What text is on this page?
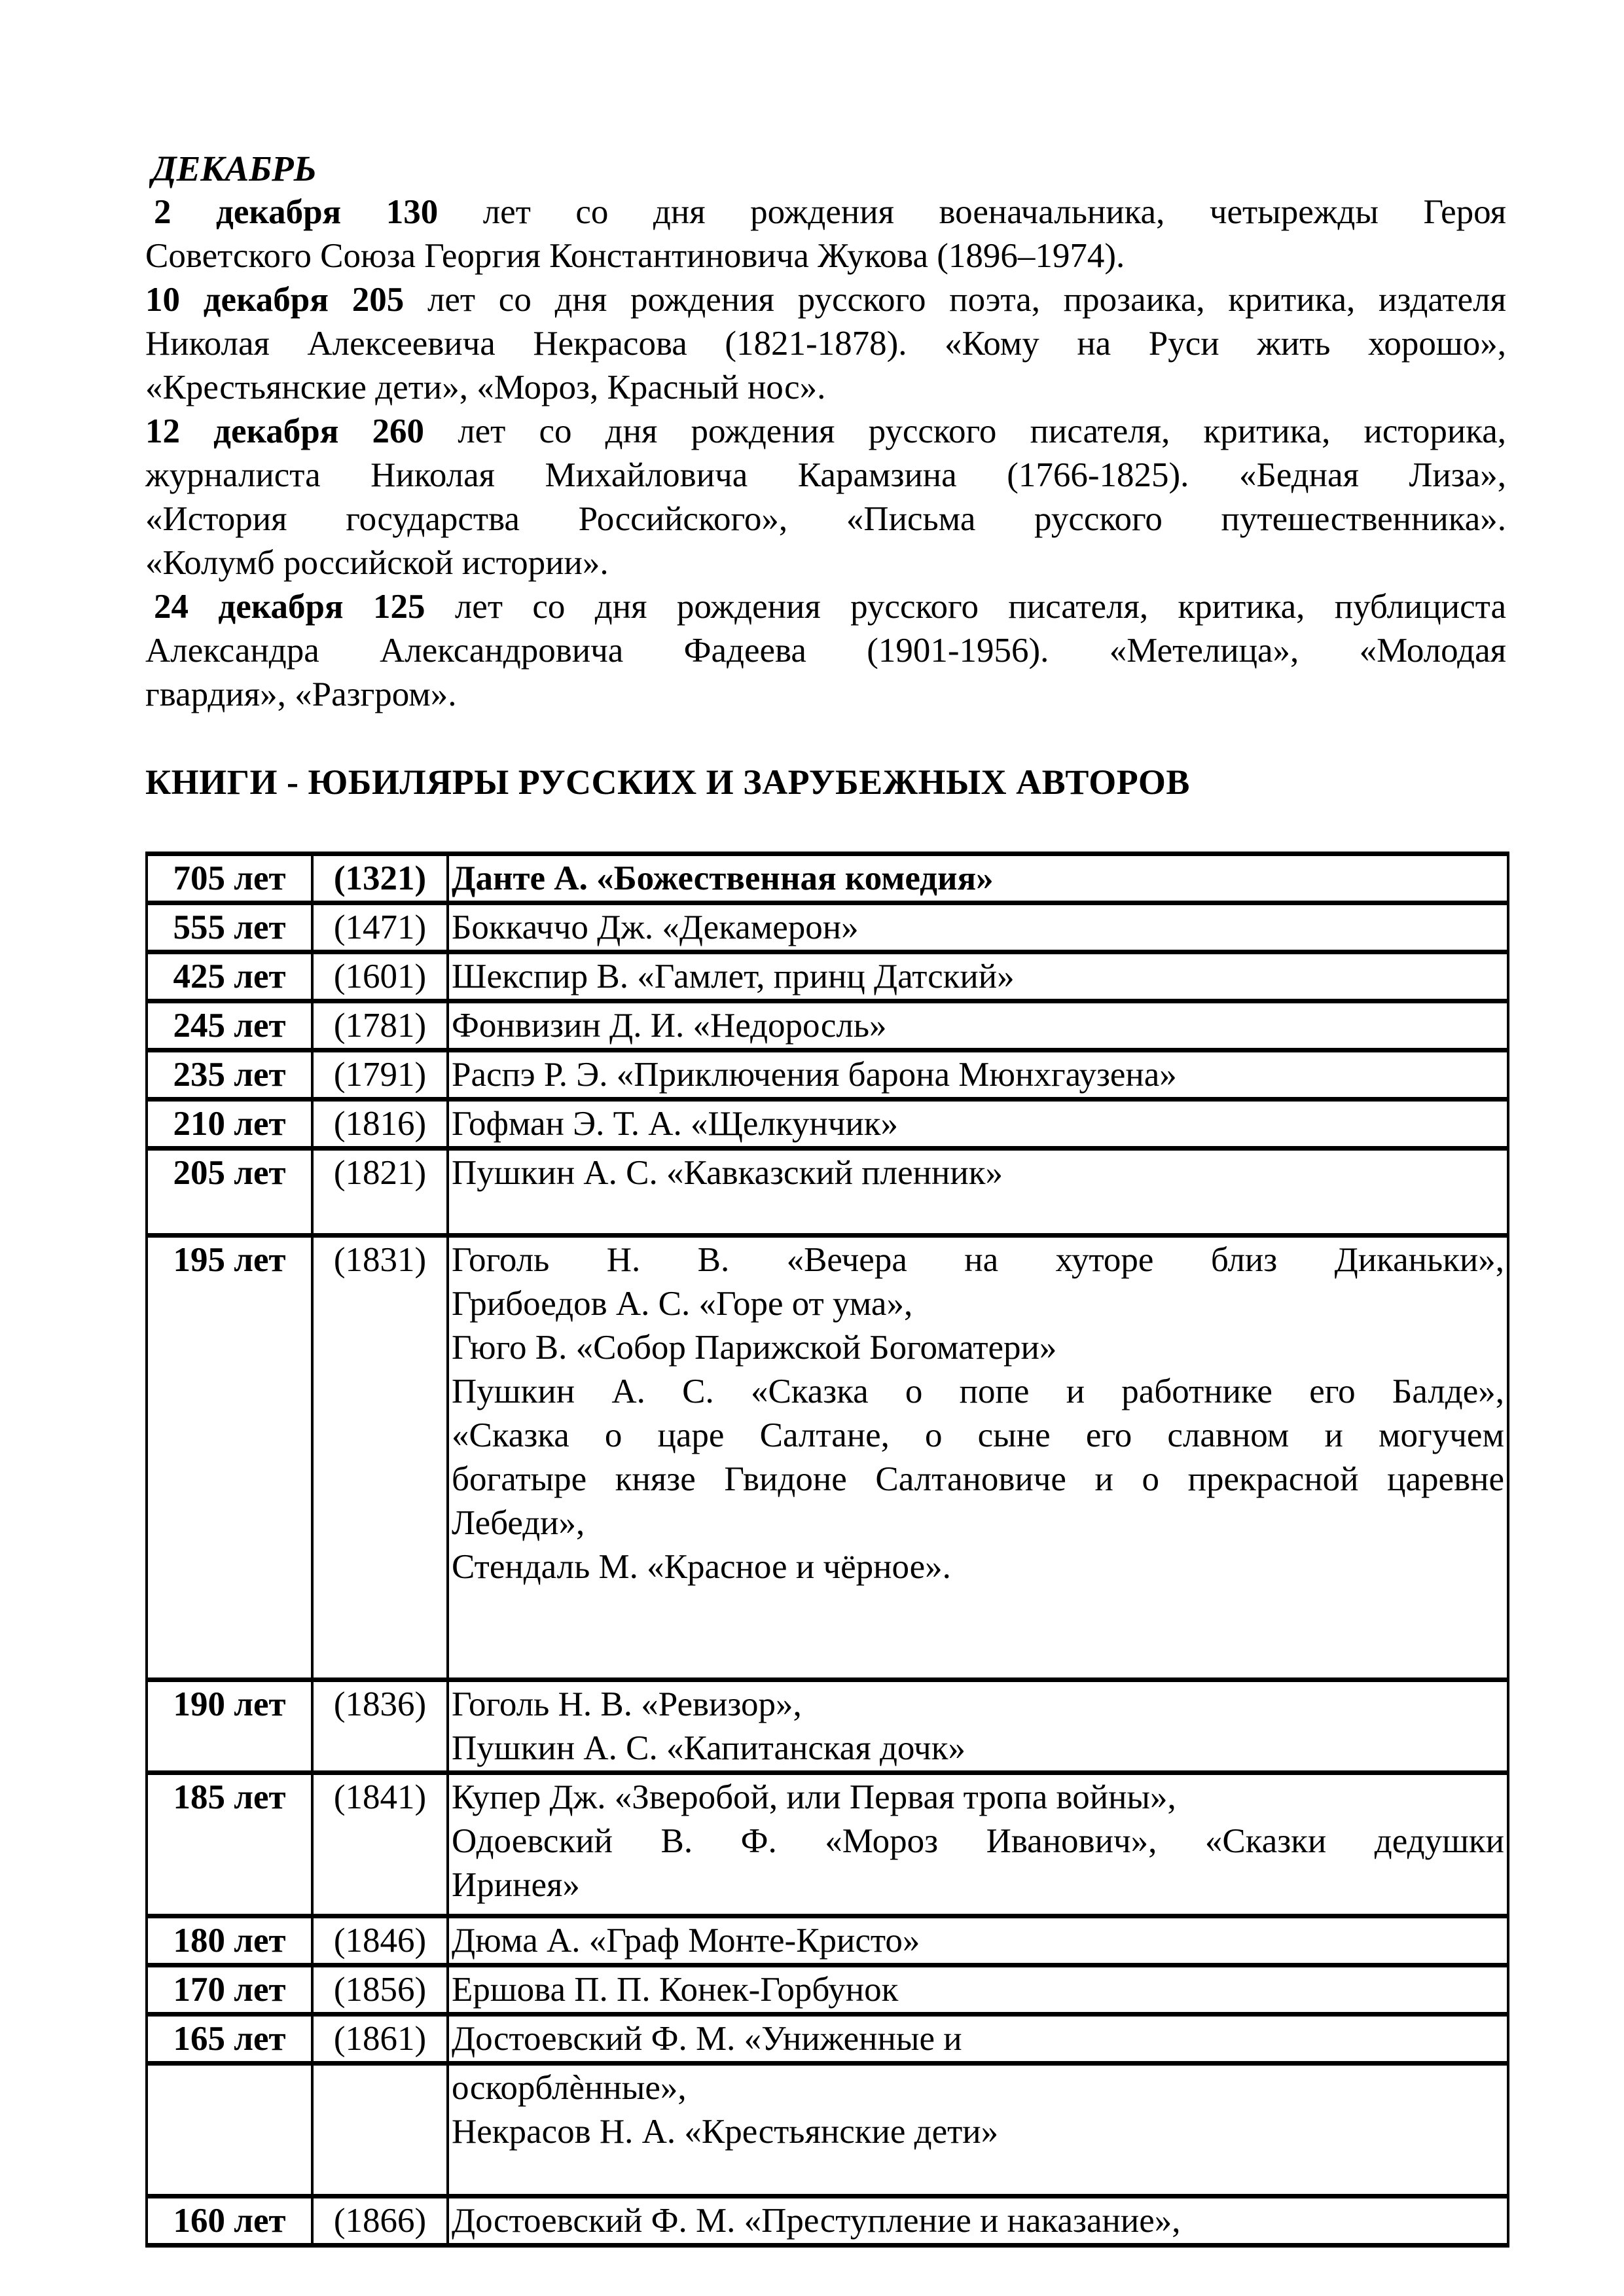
ДЕКАБРЬ

2 декабря 130 лет со дня рождения военачальника, четырежды Героя
Советского Союза Георгия Константиновича Жукова (1896–1974).

10 декабря 205 лет со дня рождения русского поэта, прозаика, критика, издателя
Николая Алексеевича Некрасова (1821-1878). «Кому на Руси жить хорошо»,
«Крестьянские дети», «Мороз, Красный нос».

12 декабря 260 лет со дня рождения русского писателя, критика, историка,
журналиста Николая Михайловича Карамзина (1766-1825). «Бедная Лиза»,
«История государства Российского», «Письма русского путешественника».
«Колумб российской истории».

24 декабря 125 лет со дня рождения русского писателя, критика, публициста
Александра Александровича Фадеева (1901-1956). «Метелица», «Молодая
гвардия», «Разгром».

КНИГИ - ЮБИЛЯРЫ РУССКИХ И ЗАРУБЕЖНЫХ АВТОРОВ
705 лет	(1321)	Данте А. «Божественная комедия»

555 лет	(1471)	Боккаччо Дж. «Декамерон»

425 лет	(1601)	Шекспир В. «Гамлет, принц Датский»

245 лет	(1781)	Фонвизин Д. И. «Недоросль»

235 лет	(1791)	Распэ Р. Э. «Приключения барона Мюнхгаузена»

210 лет	(1816)	Гофман Э. Т. А. «Щелкунчик»

205 лет	(1821)	Пушкин А. С. «Кавказский пленник»

195 лет	(1831)	Гоголь Н. В. «Вечера на хуторе близ Диканьки»,
Грибоедов А. С. «Горе от ума»,
Гюго В. «Собор Парижской Богоматери»
Пушкин А. С. «Сказка о попе и работнике его Балде»,
«Сказка о царе Салтане, о сыне его славном и могучем
богатыре князе Гвидоне Салтановиче и о прекрасной царевне
Лебеди»,
Стендаль М. «Красное и чёрное».

190 лет	(1836)	Гоголь Н. В. «Ревизор»,
Пушкин А. С. «Капитанская дочк»

185 лет	(1841)	Купер Дж. «Зверобой, или Первая тропа войны»,
Одоевский В. Ф. «Мороз Иванович», «Сказки дедушки
Иринея»

180 лет	(1846)	Дюма А. «Граф Монте-Кристо»

170 лет	(1856)	Ершова П. П. Конек-Горбунок

165 лет	(1861)	Достоевский Ф. М. «Униженные и

		оскорблѐнные»,
Некрасов Н. А. «Крестьянские дети»

160 лет	(1866)	Достоевский Ф. М. «Преступление и наказание»,
